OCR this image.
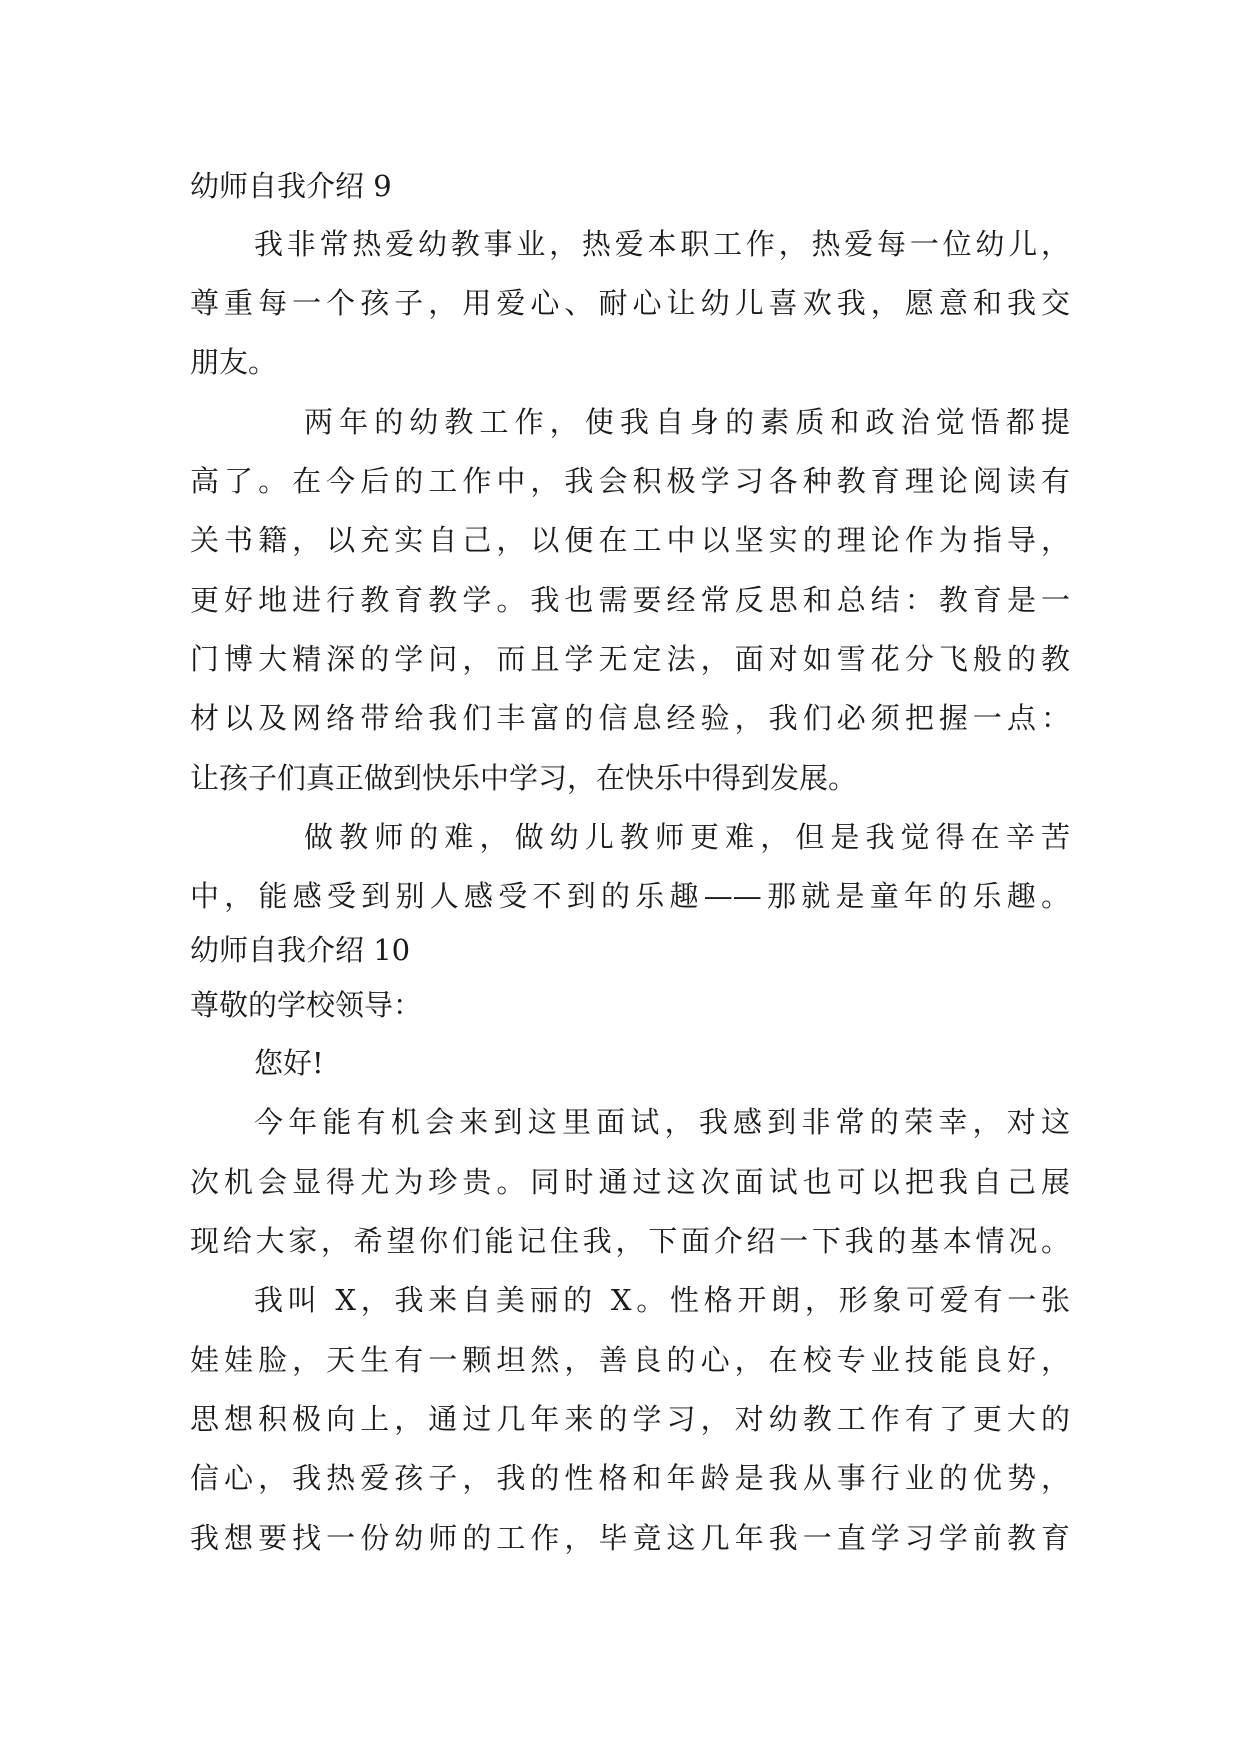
幼师自我介绍 9
我非常热爱幼教事业，热爱本职工作，热爱每一位幼儿，
尊重每一个孩子，用爱心、耐心让幼儿喜欢我，愿意和我交
朋友。
两年的幼教工作，使我自身的素质和政治觉悟都提
高了。在今后的工作中，我会积极学习各种教育理论阅读有
关书籍，以充实自己，以便在工中以坚实的理论作为指导，
更好地进行教育教学。我也需要经常反思和总结：教育是一
门博大精深的学问，而且学无定法，面对如雪花分飞般的教
材以及网络带给我们丰富的信息经验，我们必须把握一点：
让孩子们真正做到快乐中学习，在快乐中得到发展。
做教师的难，做幼儿教师更难，但是我觉得在辛苦
中，能感受到别人感受不到的乐趣——那就是童年的乐趣。
幼师自我介绍 10
尊敬的学校领导：
您好!
今年能有机会来到这里面试，我感到非常的荣幸，对这
次机会显得尤为珍贵。同时通过这次面试也可以把我自己展
现给大家，希望你们能记住我，下面介绍一下我的基本情况。
我叫 X，我来自美丽的 X。性格开朗，形象可爱有一张
娃娃脸，天生有一颗坦然，善良的心，在校专业技能良好，
思想积极向上，通过几年来的学习，对幼教工作有了更大的
信心，我热爱孩子，我的性格和年龄是我从事行业的优势，
我想要找一份幼师的工作，毕竟这几年我一直学习学前教育
